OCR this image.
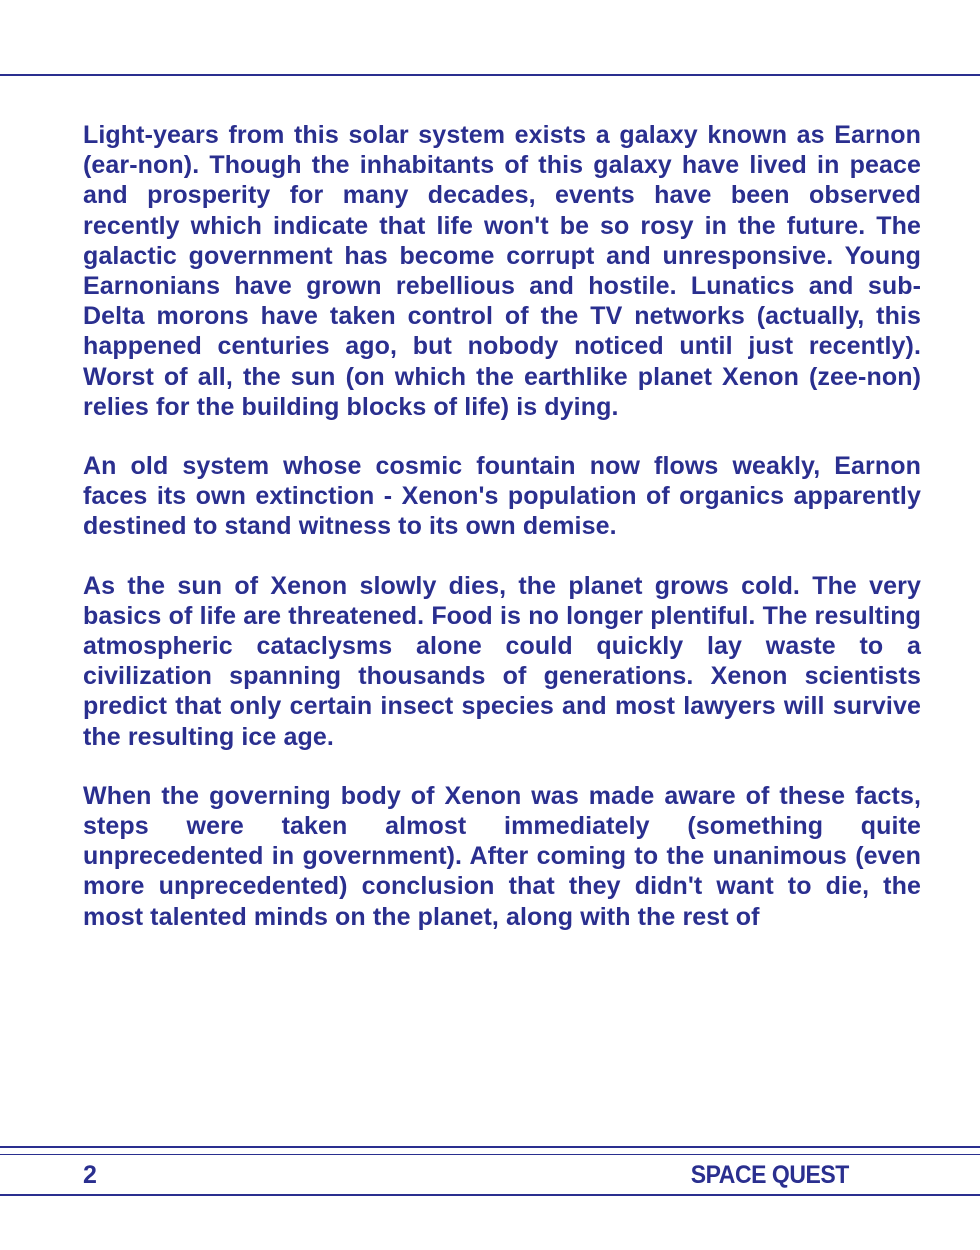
Light-years from this solar system exists a galaxy known as Earnon (ear-non). Though the inhabitants of this galaxy have lived in peace and prosperity for many decades, events have been observed recently which indicate that life won't be so rosy in the future. The galactic government has become corrupt and unresponsive. Young Earnonians have grown rebellious and hostile. Lunatics and sub-Delta morons have taken control of the TV networks (actually, this happened centuries ago, but nobody noticed until just recently). Worst of all, the sun (on which the earthlike planet Xenon (zee-non) relies for the building blocks of life) is dying.

An old system whose cosmic fountain now flows weakly, Earnon faces its own extinction - Xenon's population of organics apparently destined to stand witness to its own demise.

As the sun of Xenon slowly dies, the planet grows cold. The very basics of life are threatened. Food is no longer plentiful. The resulting atmospheric cataclysms alone could quickly lay waste to a civilization spanning thousands of generations. Xenon scientists predict that only certain insect species and most lawyers will survive the resulting ice age.

When the governing body of Xenon was made aware of these facts, steps were taken almost immediately (something quite unprecedented in government). After coming to the unanimous (even more unprecedented) conclusion that they didn't want to die, the most talented minds on the planet, along with the rest of

2	SPACE QUEST
